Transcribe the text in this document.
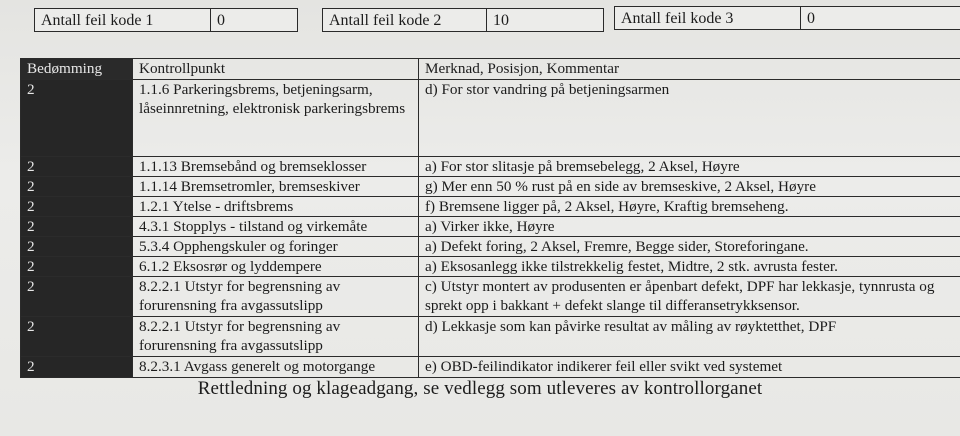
Antall feil kode 1	0	Antall feil kode 2	10	Antall feil kode 3	0
Bedømming	Kontrollpunkt	Merknad, Posisjon, Kommentar
2	1.1.6 Parkeringsbrems, betjeningsarm, låseinnretning, elektronisk parkeringsbrems	d) For stor vandring på betjeningsarmen
2	1.1.13 Bremsebånd og bremseklosser	a) For stor slitasje på bremsebelegg, 2 Aksel, Høyre
2	1.1.14 Bremsetromler, bremseskiver	g) Mer enn 50 % rust på en side av bremseskive, 2 Aksel, Høyre
2	1.2.1 Ytelse - driftsbrems	f) Bremsene ligger på, 2 Aksel, Høyre, Kraftig bremseheng.
2	4.3.1 Stopplys - tilstand og virkemåte	a) Virker ikke, Høyre
2	5.3.4 Opphengskuler og foringer	a) Defekt foring, 2 Aksel, Fremre, Begge sider, Storeforingane.
2	6.1.2 Eksosrør og lyddempere	a) Eksosanlegg ikke tilstrekkelig festet, Midtre, 2 stk. avrusta fester.
2	8.2.2.1 Utstyr for begrensning av forurensning fra avgassutslipp	c) Utstyr montert av produsenten er åpenbart defekt, DPF har lekkasje, tynnrusta og sprekt opp i bakkant + defekt slange til differansetrykksensor.
2	8.2.2.1 Utstyr for begrensning av forurensning fra avgassutslipp	d) Lekkasje som kan påvirke resultat av måling av røyktetthet, DPF
2	8.2.3.1 Avgass generelt og motorgange	e) OBD-feilindikator indikerer feil eller svikt ved systemet
Rettledning og klageadgang, se vedlegg som utleveres av kontrollorganet
